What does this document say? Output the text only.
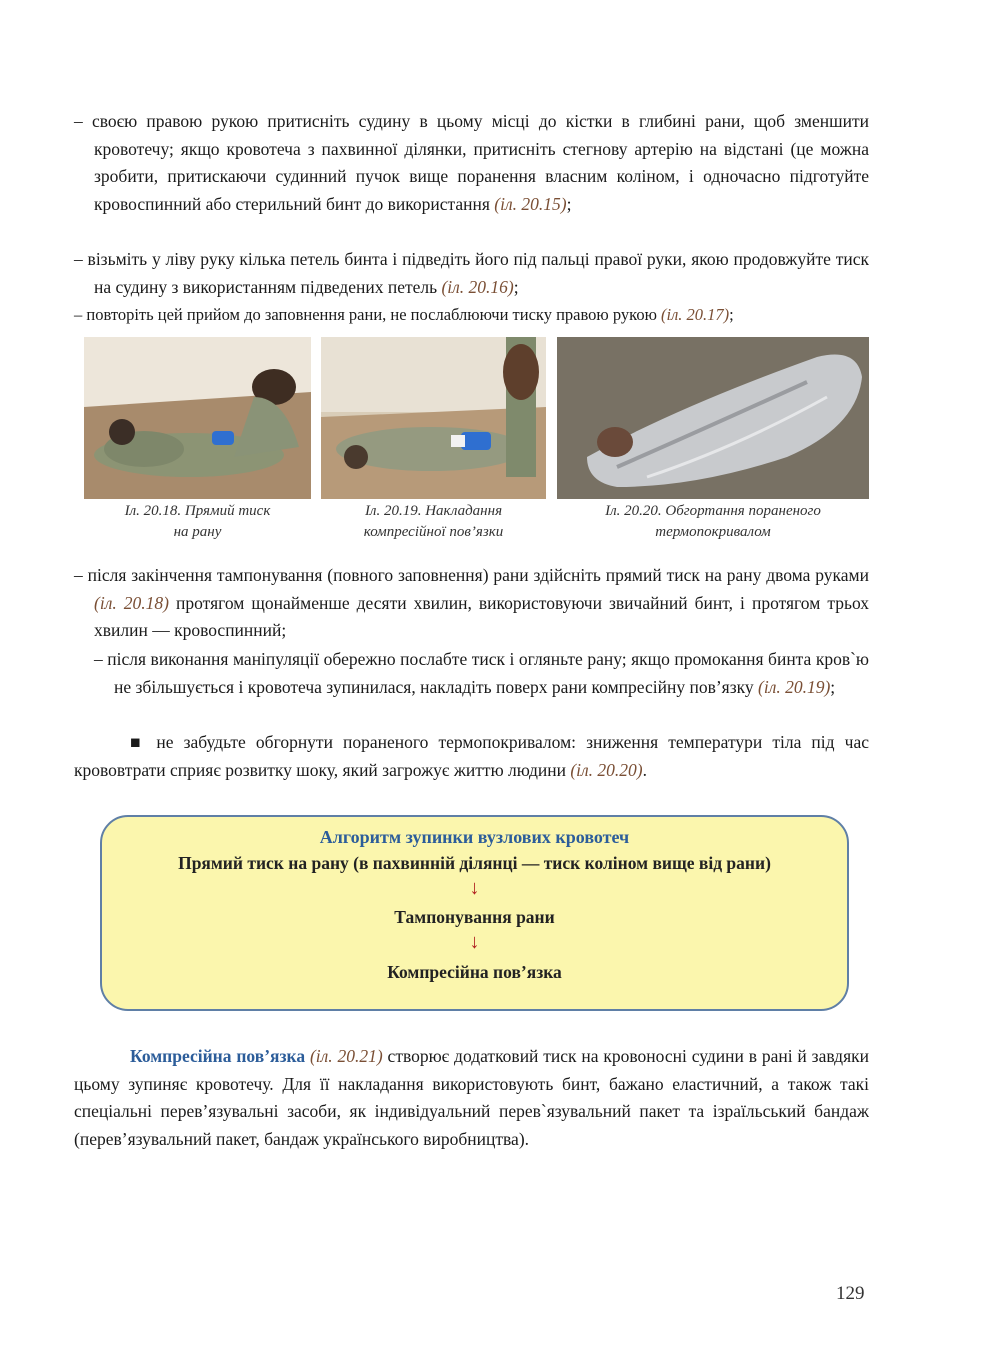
– своєю правою рукою притисніть судину в цьому місці до кістки в глибині рани, щоб зменшити кровотечу; якщо кровотеча з пахвинної ділянки, притисніть стегнову артерію на відстані (це можна зробити, притискаючи судинний пучок вище поранення власним коліном, і одночасно підготуйте кровоспинний або стерильний бинт до використання (іл. 20.15);
– візьміть у ліву руку кілька петель бинта і підведіть його під пальці правої руки, якою продовжуйте тиск на судину з використанням підведених петель (іл. 20.16);
– повторіть цей прийом до заповнення рани, не послаблюючи тиску правою рукою (іл. 20.17);
Іл. 20.18. Прямий тиск
на рану
Іл. 20.19. Накладання
компресійної пов’язки
Іл. 20.20. Обгортання пораненого
термопокривалом
– після закінчення тампонування (повного заповнення) рани здійсніть прямий тиск на рану двома руками (іл. 20.18) протягом щонайменше десяти хвилин, використовуючи звичайний бинт, і протягом трьох хвилин — кровоспинний;
– після виконання маніпуляції обережно послабте тиск і огляньте рану; якщо промокання бинта кров`ю не збільшується і кровотеча зупинилася, накладіть поверх рани компресійну пов’язку (іл. 20.19);
■ не забудьте обгорнути пораненого термопокривалом: зниження температури тіла під час крововтрати сприяє розвитку шоку, який загрожує життю людини (іл. 20.20).
Алгоритм зупинки вузлових кровотеч
Прямий тиск на рану (в пахвинній ділянці — тиск коліном вище від рани)
↓
Тампонування рани
↓
Компресійна пов’язка
Компресійна пов’язка (іл. 20.21) створює додатковий тиск на кровоносні судини в рані й завдяки цьому зупиняє кровотечу. Для її накладання використовують бинт, бажано еластичний, а також такі спеціальні перев’язувальні засоби, як індивідуальний перев`язувальний пакет та ізраїльський бандаж (перев’язувальний пакет, бандаж українського виробництва).
129
